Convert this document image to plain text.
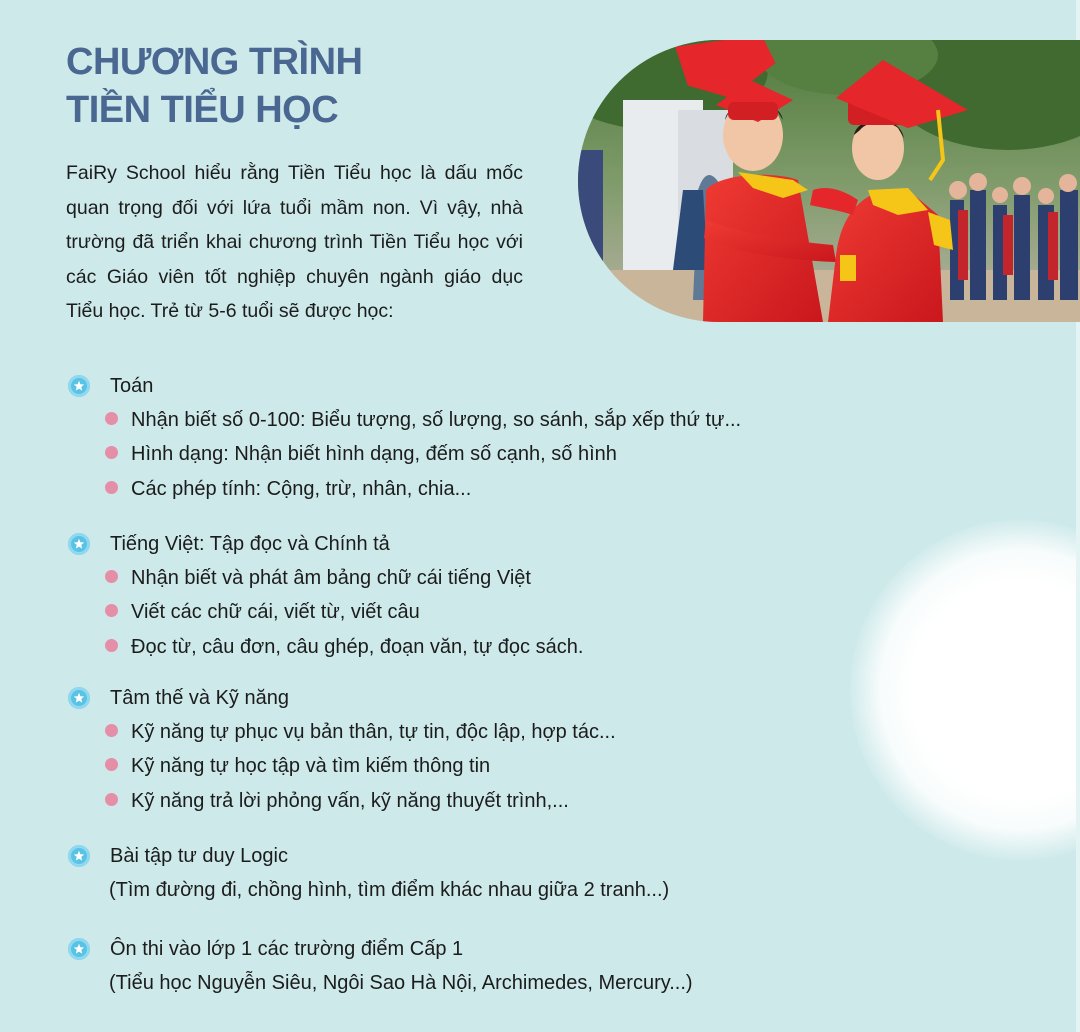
CHƯƠNG TRÌNH
TIỀN TIỂU HỌC

FaiRy School hiểu rằng Tiền Tiểu học là dấu mốc quan trọng đối với lứa tuổi mầm non. Vì vậy, nhà trường đã triển khai chương trình Tiền Tiểu học với các Giáo viên tốt nghiệp chuyên ngành giáo dục Tiểu học. Trẻ từ 5-6 tuổi sẽ được học:

Toán
Nhận biết số 0-100: Biểu tượng, số lượng, so sánh, sắp xếp thứ tự...
Hình dạng: Nhận biết hình dạng, đếm số cạnh, số hình
Các phép tính: Cộng, trừ, nhân, chia...
Tiếng Việt: Tập đọc và Chính tả
Nhận biết và phát âm bảng chữ cái tiếng Việt
Viết các chữ cái, viết từ, viết câu
Đọc từ, câu đơn, câu ghép, đoạn văn, tự đọc sách.
Tâm thế và Kỹ năng
Kỹ năng tự phục vụ bản thân, tự tin, độc lập, hợp tác...
Kỹ năng tự học tập và tìm kiếm thông tin
Kỹ năng trả lời phỏng vấn, kỹ năng thuyết trình,...
Bài tập tư duy Logic
(Tìm đường đi, chồng hình, tìm điểm khác nhau giữa 2 tranh...)
Ôn thi vào lớp 1 các trường điểm Cấp 1
(Tiểu học Nguyễn Siêu, Ngôi Sao Hà Nội, Archimedes, Mercury...)
